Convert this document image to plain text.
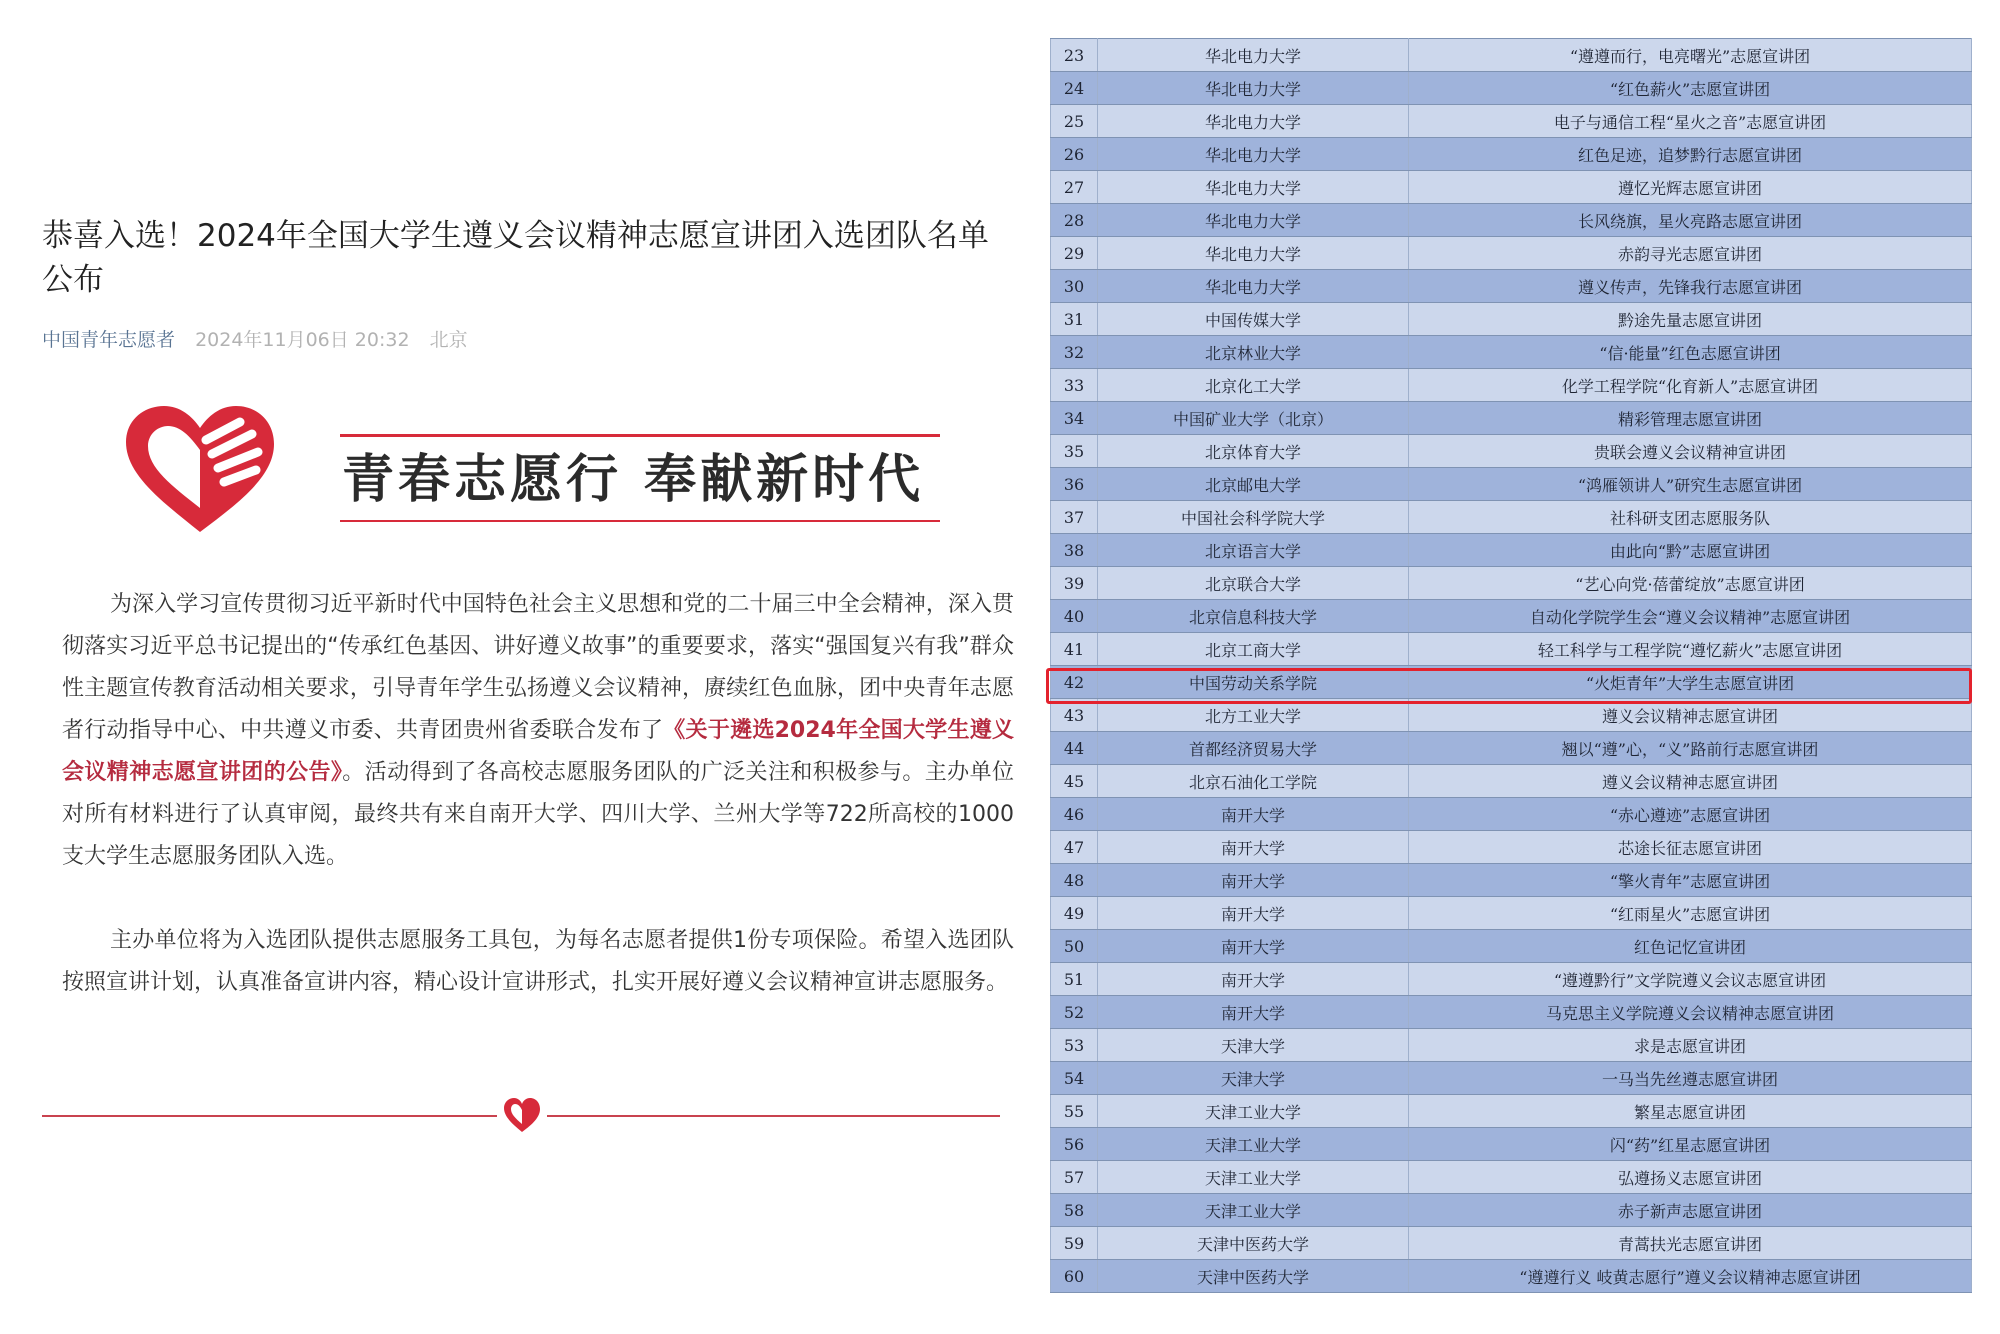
恭喜入选！2024年全国大学生遵义会议精神志愿宣讲团入选团队名单公布
中国青年志愿者 2024年11月06日 20:32 北京
青春志愿行 奉献新时代

为深入学习宣传贯彻习近平新时代中国特色社会主义思想和党的二十届三中全会精神，深入贯彻落实习近平总书记提出的“传承红色基因、讲好遵义故事”的重要要求，落实“强国复兴有我”群众性主题宣传教育活动相关要求，引导青年学生弘扬遵义会议精神，赓续红色血脉，团中央青年志愿者行动指导中心、中共遵义市委、共青团贵州省委联合发布了《关于遴选2024年全国大学生遵义会议精神志愿宣讲团的公告》。活动得到了各高校志愿服务团队的广泛关注和积极参与。主办单位对所有材料进行了认真审阅，最终共有来自南开大学、四川大学、兰州大学等722所高校的1000支大学生志愿服务团队入选。

主办单位将为入选团队提供志愿服务工具包，为每名志愿者提供1份专项保险。希望入选团队按照宣讲计划，认真准备宣讲内容，精心设计宣讲形式，扎实开展好遵义会议精神宣讲志愿服务。

23	华北电力大学	“遵遵而行，电亮曙光”志愿宣讲团
24	华北电力大学	“红色薪火”志愿宣讲团
25	华北电力大学	电子与通信工程“星火之音”志愿宣讲团
26	华北电力大学	红色足迹，追梦黔行志愿宣讲团
27	华北电力大学	遵忆光辉志愿宣讲团
28	华北电力大学	长风绕旗，星火亮路志愿宣讲团
29	华北电力大学	赤韵寻光志愿宣讲团
30	华北电力大学	遵义传声，先锋我行志愿宣讲团
31	中国传媒大学	黔途先量志愿宣讲团
32	北京林业大学	“信·能量”红色志愿宣讲团
33	北京化工大学	化学工程学院“化育新人”志愿宣讲团
34	中国矿业大学（北京）	精彩管理志愿宣讲团
35	北京体育大学	贵联会遵义会议精神宣讲团
36	北京邮电大学	“鸿雁领讲人”研究生志愿宣讲团
37	中国社会科学院大学	社科研支团志愿服务队
38	北京语言大学	由此向“黔”志愿宣讲团
39	北京联合大学	“艺心向党·蓓蕾绽放”志愿宣讲团
40	北京信息科技大学	自动化学院学生会“遵义会议精神”志愿宣讲团
41	北京工商大学	轻工科学与工程学院“遵忆薪火”志愿宣讲团
42	中国劳动关系学院	“火炬青年”大学生志愿宣讲团
43	北方工业大学	遵义会议精神志愿宣讲团
44	首都经济贸易大学	翘以“遵”心，“义”路前行志愿宣讲团
45	北京石油化工学院	遵义会议精神志愿宣讲团
46	南开大学	“赤心遵迹”志愿宣讲团
47	南开大学	芯途长征志愿宣讲团
48	南开大学	“擎火青年”志愿宣讲团
49	南开大学	“红雨星火”志愿宣讲团
50	南开大学	红色记忆宣讲团
51	南开大学	“遵遵黔行”文学院遵义会议志愿宣讲团
52	南开大学	马克思主义学院遵义会议精神志愿宣讲团
53	天津大学	求是志愿宣讲团
54	天津大学	一马当先丝遵志愿宣讲团
55	天津工业大学	繁星志愿宣讲团
56	天津工业大学	闪“药”红星志愿宣讲团
57	天津工业大学	弘遵扬义志愿宣讲团
58	天津工业大学	赤子新声志愿宣讲团
59	天津中医药大学	青蒿扶光志愿宣讲团
60	天津中医药大学	“遵遵行义 岐黄志愿行”遵义会议精神志愿宣讲团
